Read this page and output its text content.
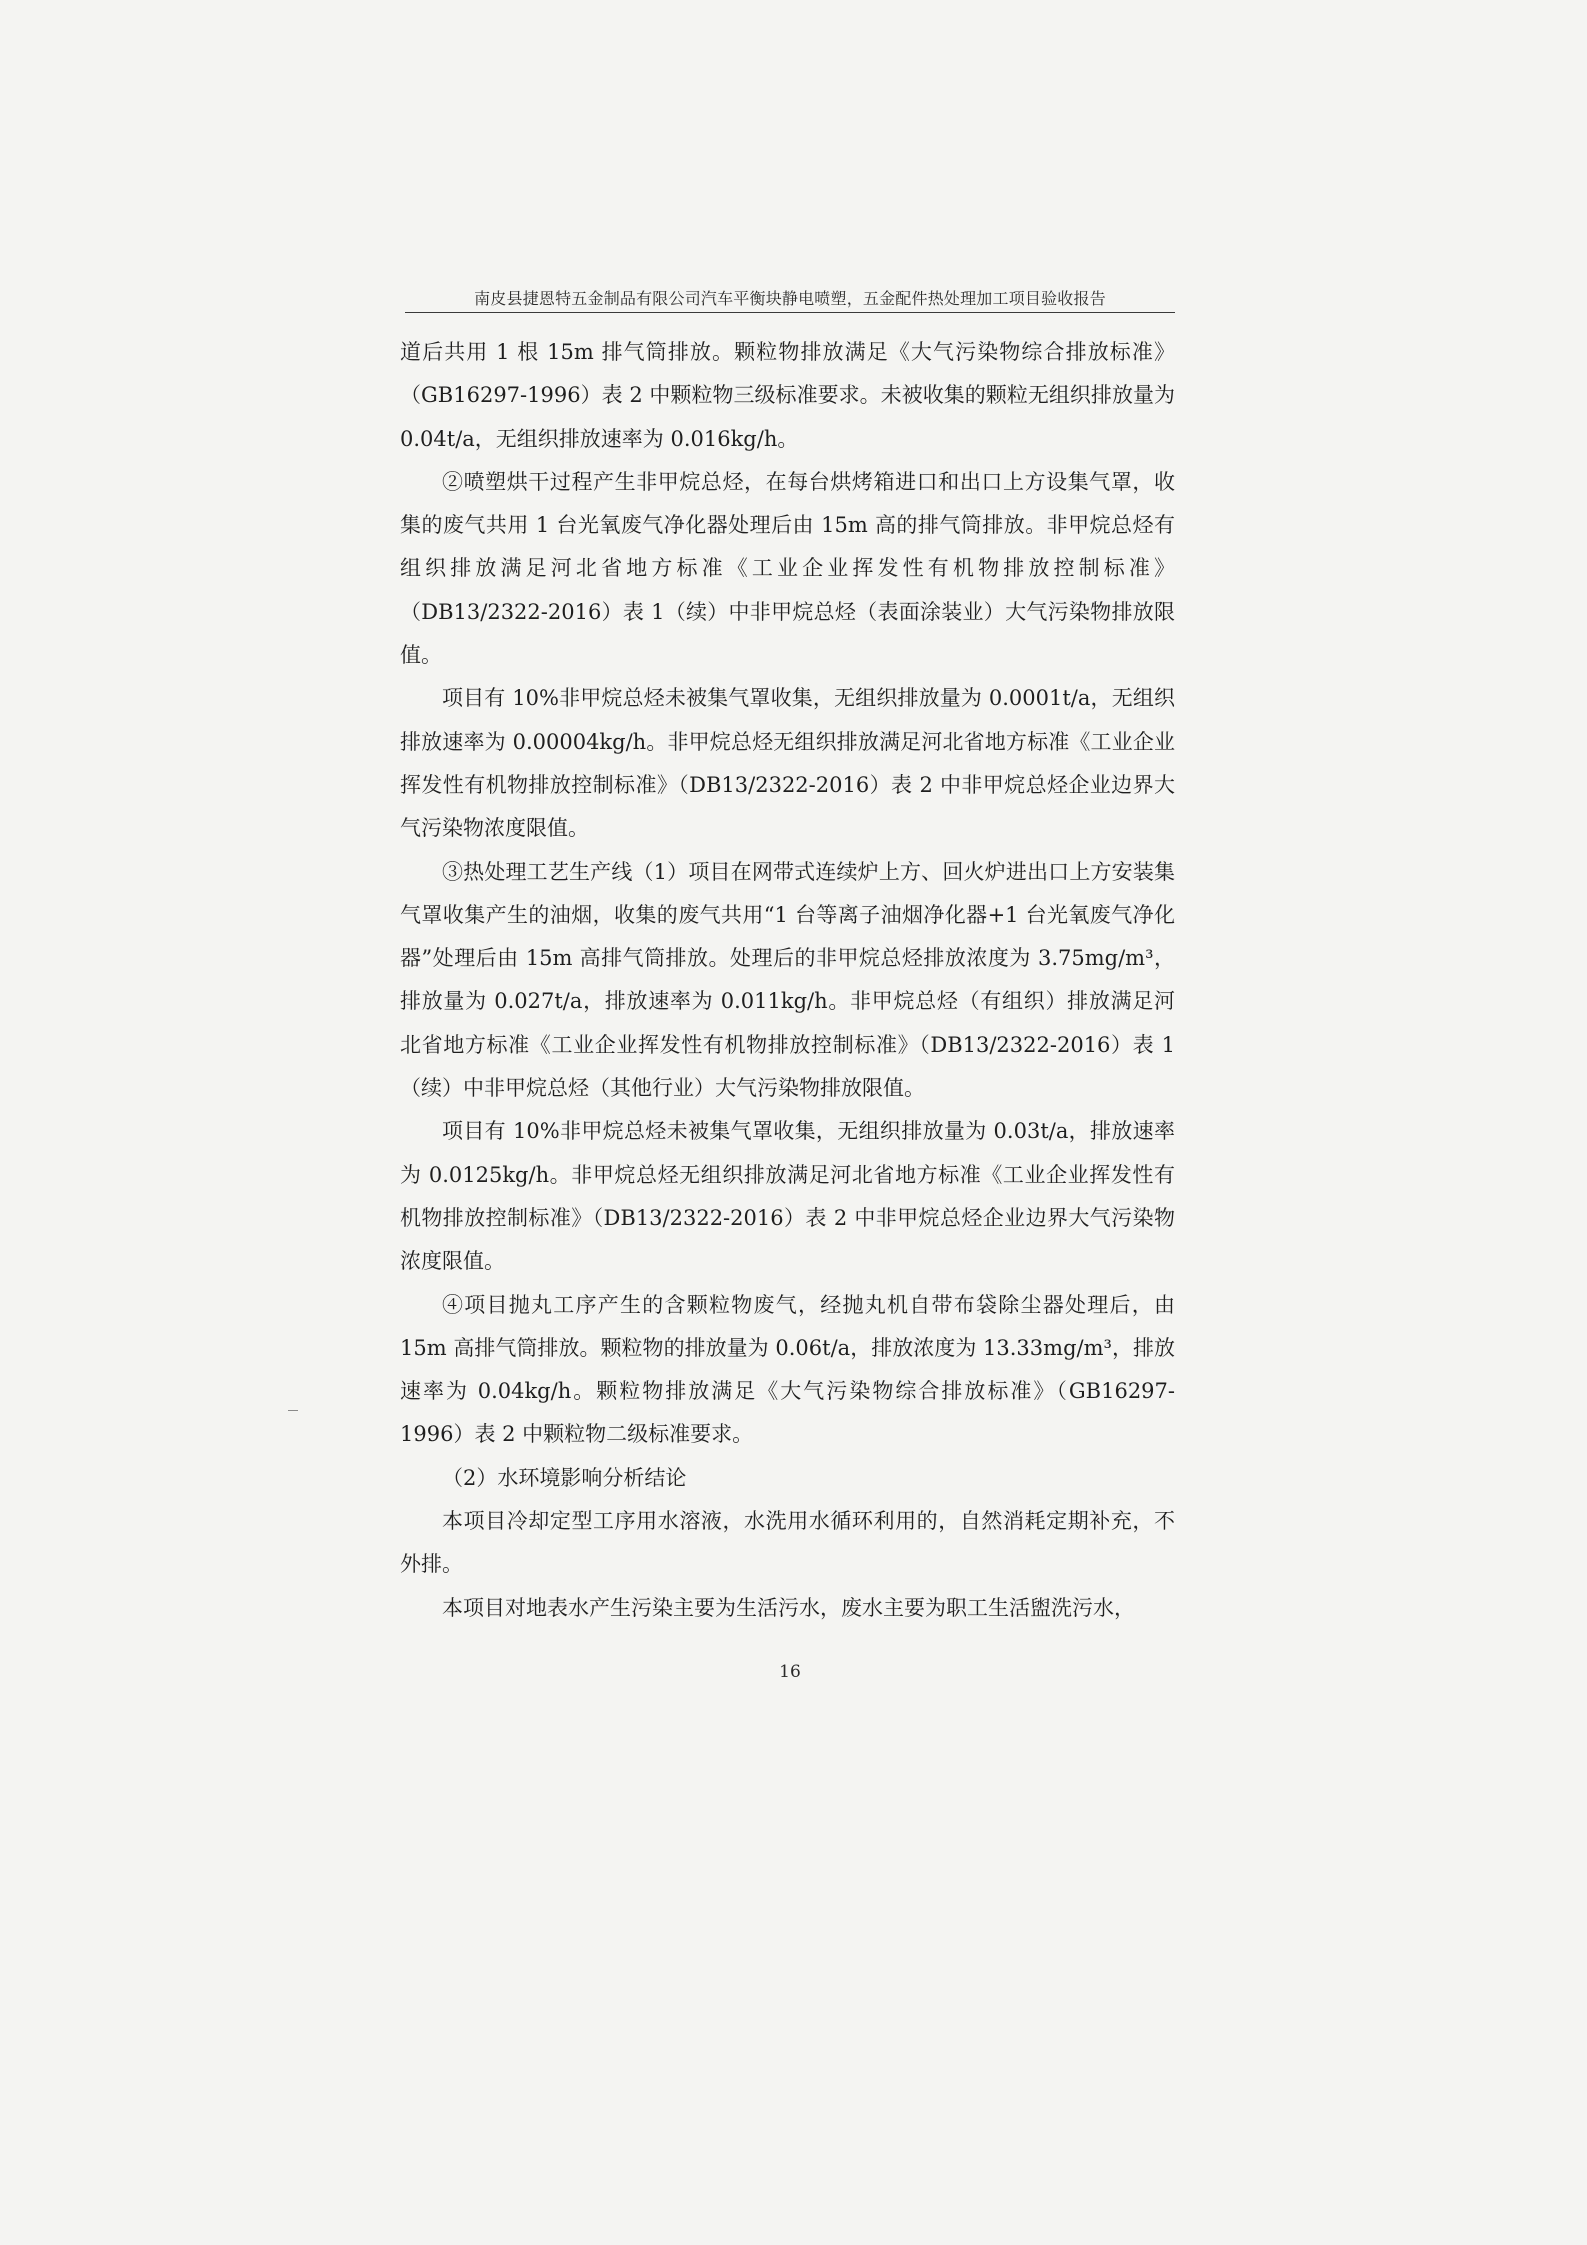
南皮县捷恩特五金制品有限公司汽车平衡块静电喷塑，五金配件热处理加工项目验收报告

道后共用 1 根 15m 排气筒排放。颗粒物排放满足《大气污染物综合排放标准》（GB16297-1996）表 2 中颗粒物三级标准要求。未被收集的颗粒无组织排放量为 0.04t/a，无组织排放速率为 0.016kg/h。

②喷塑烘干过程产生非甲烷总烃，在每台烘烤箱进口和出口上方设集气罩，收集的废气共用 1 台光氧废气净化器处理后由 15m 高的排气筒排放。非甲烷总烃有组织排放满足河北省地方标准《工业企业挥发性有机物排放控制标准》（DB13/2322-2016）表 1（续）中非甲烷总烃（表面涂装业）大气污染物排放限值。

项目有 10%非甲烷总烃未被集气罩收集，无组织排放量为 0.0001t/a，无组织排放速率为 0.00004kg/h。非甲烷总烃无组织排放满足河北省地方标准《工业企业挥发性有机物排放控制标准》（DB13/2322-2016）表 2 中非甲烷总烃企业边界大气污染物浓度限值。

③热处理工艺生产线（1）项目在网带式连续炉上方、回火炉进出口上方安装集气罩收集产生的油烟，收集的废气共用“1 台等离子油烟净化器+1 台光氧废气净化器”处理后由 15m 高排气筒排放。处理后的非甲烷总烃排放浓度为 3.75mg/m³，排放量为 0.027t/a，排放速率为 0.011kg/h。非甲烷总烃（有组织）排放满足河北省地方标准《工业企业挥发性有机物排放控制标准》（DB13/2322-2016）表 1（续）中非甲烷总烃（其他行业）大气污染物排放限值。

项目有 10%非甲烷总烃未被集气罩收集，无组织排放量为 0.03t/a，排放速率为 0.0125kg/h。非甲烷总烃无组织排放满足河北省地方标准《工业企业挥发性有机物排放控制标准》（DB13/2322-2016）表 2 中非甲烷总烃企业边界大气污染物浓度限值。

④项目抛丸工序产生的含颗粒物废气，经抛丸机自带布袋除尘器处理后，由 15m 高排气筒排放。颗粒物的排放量为 0.06t/a，排放浓度为 13.33mg/m³，排放速率为 0.04kg/h。颗粒物排放满足《大气污染物综合排放标准》（GB16297-1996）表 2 中颗粒物二级标准要求。

（2）水环境影响分析结论

本项目冷却定型工序用水溶液，水洗用水循环利用的，自然消耗定期补充，不外排。

本项目对地表水产生污染主要为生活污水，废水主要为职工生活盥洗污水，

16
